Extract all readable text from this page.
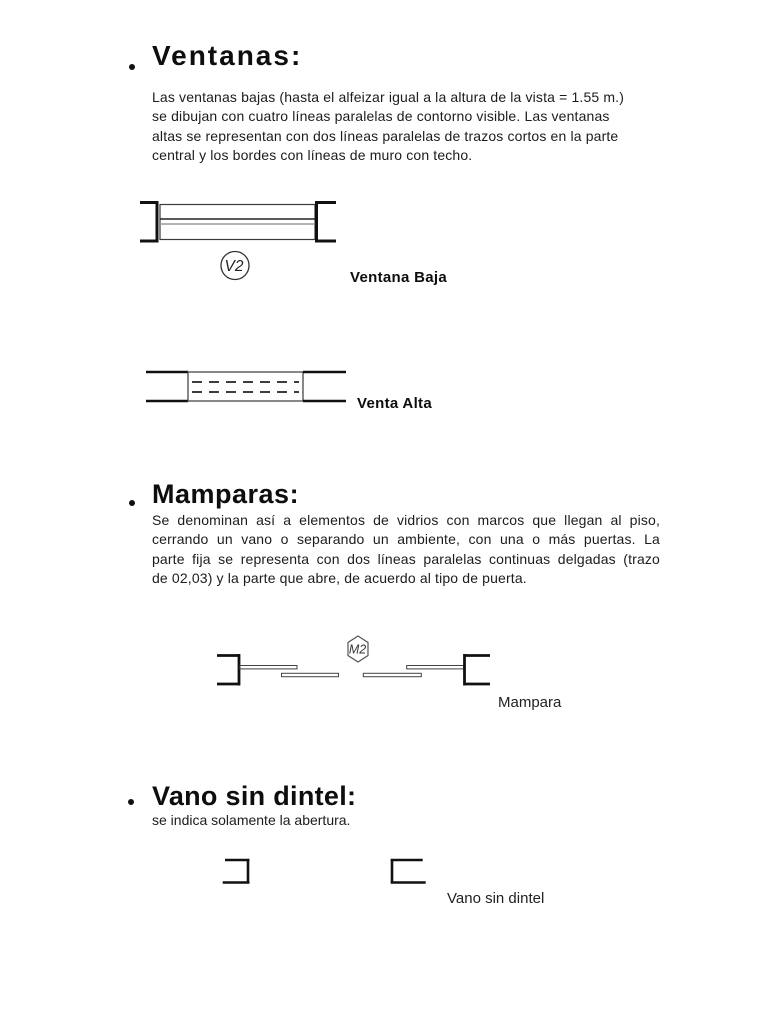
Ventanas:
Las ventanas bajas (hasta el alfeizar igual a la altura de la vista = 1.55 m.)
se dibujan con cuatro líneas paralelas de contorno visible. Las ventanas
altas se representan con dos líneas paralelas de trazos cortos en la parte
central y los bordes con líneas de muro con techo.
V2
Ventana Baja
Venta Alta
Mamparas:
Se denominan así a elementos de vidrios con marcos que llegan al piso,
cerrando un vano o separando un ambiente, con una o más puertas. La
parte fija se representa con dos líneas paralelas continuas delgadas (trazo
de 02,03) y la parte que abre, de acuerdo al tipo de puerta.
M2
Mampara
Vano sin dintel:
se indica solamente la abertura.
Vano sin dintel
